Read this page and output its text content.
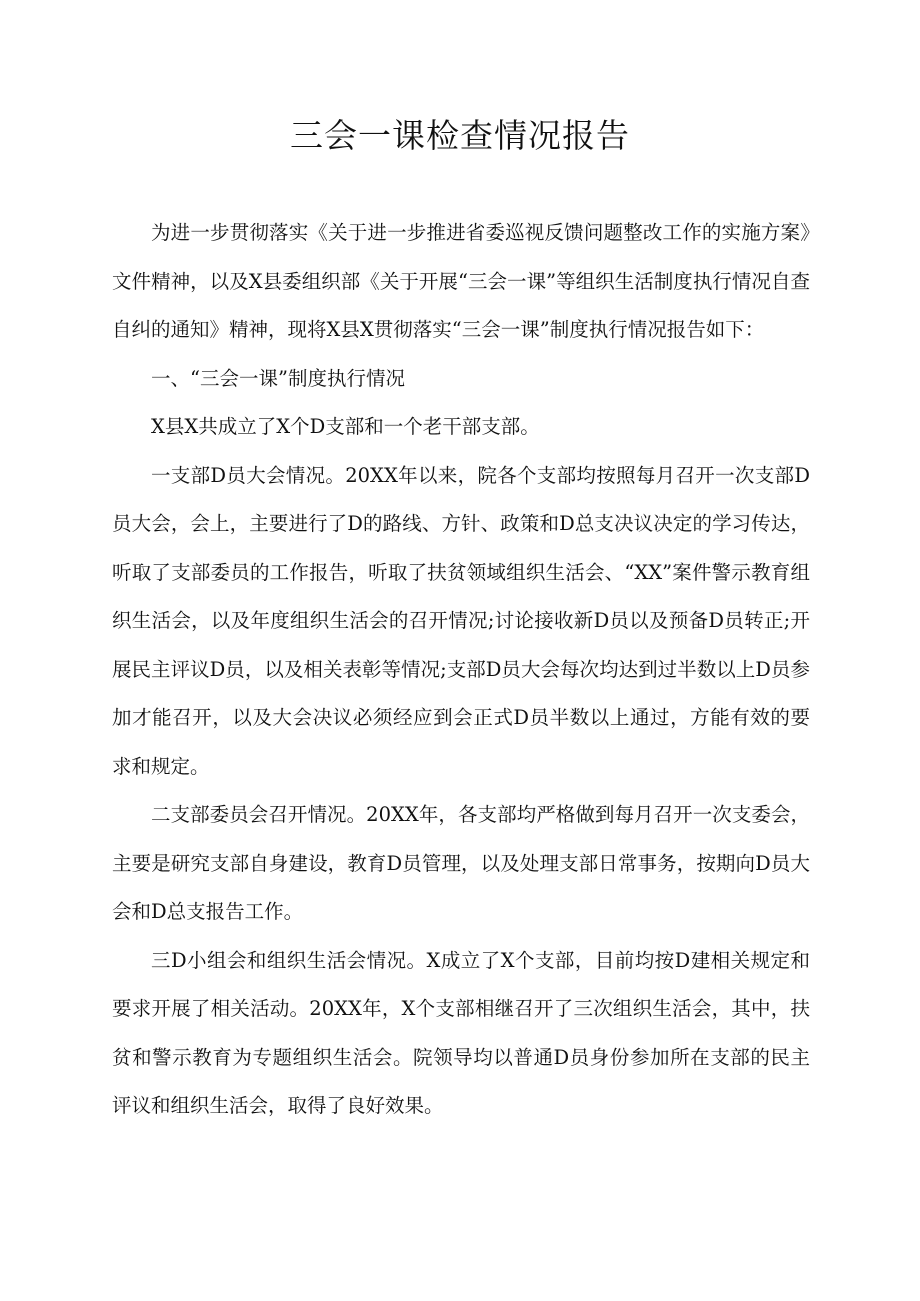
三会一课检查情况报告

为进一步贯彻落实《关于进一步推进省委巡视反馈问题整改工作的实施方案》文件精神，以及X县委组织部《关于开展“三会一课”等组织生活制度执行情况自查自纠的通知》精神，现将X县X贯彻落实“三会一课”制度执行情况报告如下：

一、“三会一课”制度执行情况

X县X共成立了X个D支部和一个老干部支部。

一支部D员大会情况。20XX年以来，院各个支部均按照每月召开一次支部D员大会，会上，主要进行了D的路线、方针、政策和D总支决议决定的学习传达，听取了支部委员的工作报告，听取了扶贫领域组织生活会、“XX”案件警示教育组织生活会，以及年度组织生活会的召开情况;讨论接收新D员以及预备D员转正;开展民主评议D员，以及相关表彰等情况;支部D员大会每次均达到过半数以上D员参加才能召开，以及大会决议必须经应到会正式D员半数以上通过，方能有效的要求和规定。

二支部委员会召开情况。20XX年，各支部均严格做到每月召开一次支委会，主要是研究支部自身建设，教育D员管理，以及处理支部日常事务，按期向D员大会和D总支报告工作。

三D小组会和组织生活会情况。X成立了X个支部，目前均按D建相关规定和要求开展了相关活动。20XX年，X个支部相继召开了三次组织生活会，其中，扶贫和警示教育为专题组织生活会。院领导均以普通D员身份参加所在支部的民主评议和组织生活会，取得了良好效果。
